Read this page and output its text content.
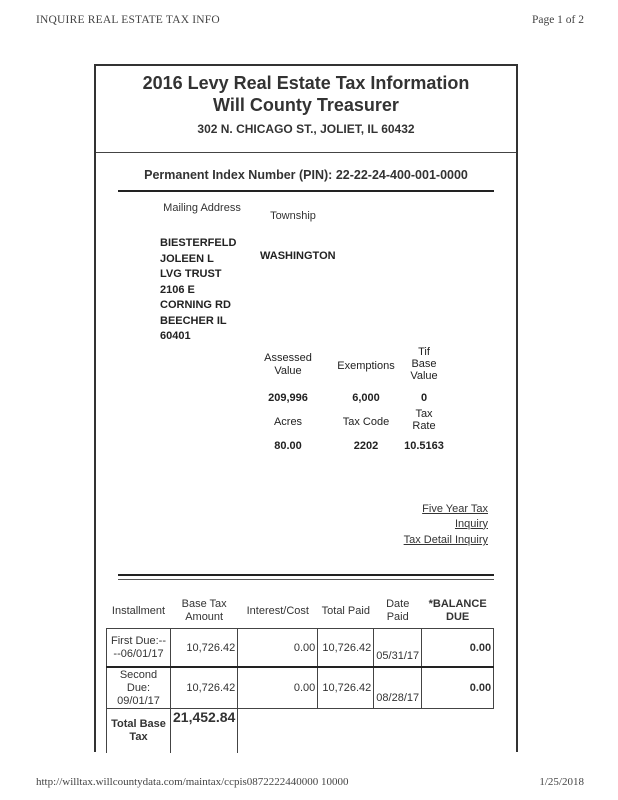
INQUIRE REAL ESTATE TAX INFO	Page 1 of 2
2016 Levy Real Estate Tax Information
Will County Treasurer
302 N. CHICAGO ST., JOLIET, IL 60432
Permanent Index Number (PIN): 22-22-24-400-001-0000
Mailing Address
Township
BIESTERFELD
JOLEEN L
LVG TRUST
2106 E
CORNING RD
BEECHER IL
60401
WASHINGTON
Assessed Value	Exemptions
Tif Base Value
209,996	6,000	0
Acres	Tax Code
Tax Rate
80.00	2202	10.5163
Five Year Tax Inquiry
Tax Detail Inquiry
Installment	Base Tax Amount	Interest/Cost	Total Paid	Date Paid	*BALANCE DUE
First Due:-- --06/01/17	10,726.42	0.00	10,726.42	05/31/17	0.00
Second Due: 09/01/17	10,726.42	0.00	10,726.42	08/28/17	0.00
Total Base Tax	21,452.84				
http://willtax.willcountydata.com/maintax/ccpis0872222440000 10000	1/25/2018
